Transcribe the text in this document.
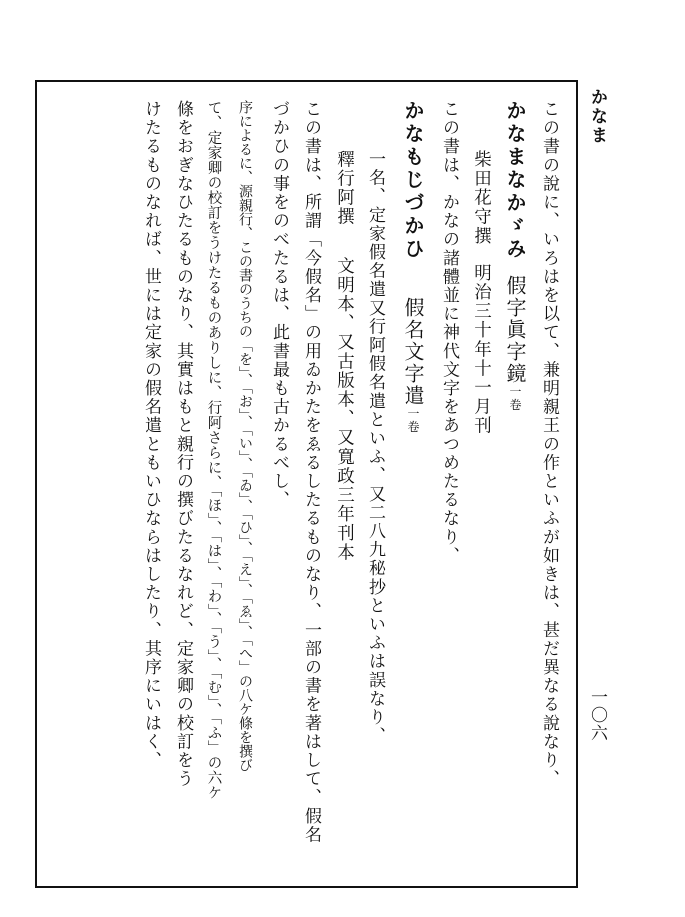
かなま
一〇六
この書の說に、いろはを以て、兼明親王の作といふが如きは、甚だ異なる說なり、
かなまなかゞみ假字眞字鏡一卷
柴田花守撰明治三十年十一月刊
この書は、かなの諸體並に神代文字をあつめたるなり、
かなもじづかひ假名文字遣一卷
一名、定家假名遣又行阿假名遣といふ、又二八九秘抄といふは誤なり、
釋行阿撰文明本、又古版本、又寬政三年刊本
この書は、所謂「今假名」の用ゐかたをゑるしたるものなり、一部の書を著はして、假名
づかひの事をのべたるは、此書最も古かるべし、
序によるに、源親行、この書のうちの「を」、「お」、「い」、「ゐ」、「ひ」、「え」、「ゑ」、「へ」の八ケ條を撰び
て、定家卿の校訂をうけたるものありしに、行阿さらに、「ほ」、「は」、「わ」、「う」、「む」、「ふ」の六ケ
條をおぎなひたるものなり、其實はもと親行の撰びたるなれど、定家卿の校訂をう
けたるものなれば、世には定家の假名遣ともいひならはしたり、其序にいはく、
